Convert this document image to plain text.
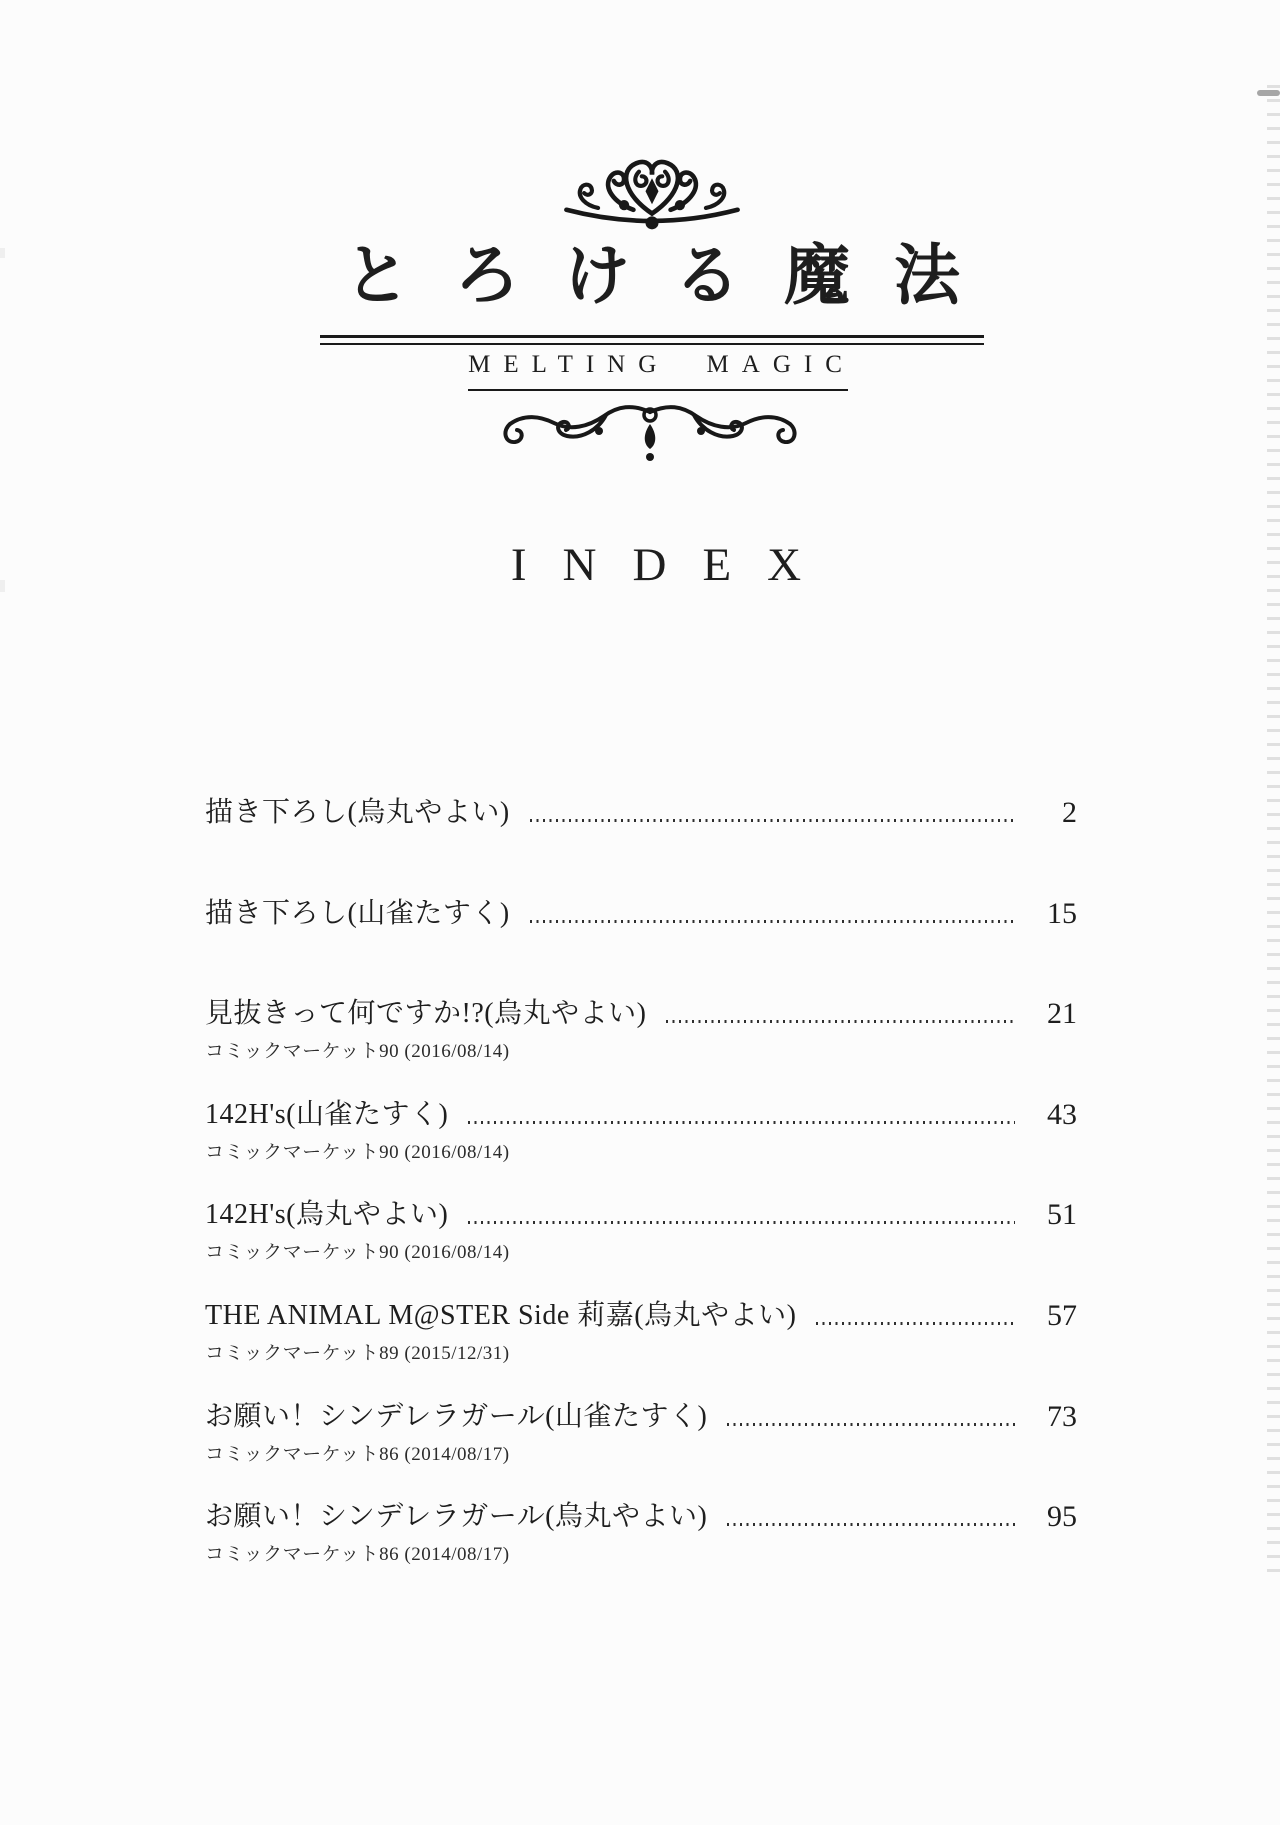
とろける魔法
MELTING MAGIC
INDEX
描き下ろし(烏丸やよい)	2
描き下ろし(山雀たすく)	15
見抜きって何ですか!?(烏丸やよい)	21
コミックマーケット90 (2016/08/14)
142H's(山雀たすく)	43
コミックマーケット90 (2016/08/14)
142H's(烏丸やよい)	51
コミックマーケット90 (2016/08/14)
THE ANIMAL M@STER Side 莉嘉(烏丸やよい)	57
コミックマーケット89 (2015/12/31)
お願い！シンデレラガール(山雀たすく)	73
コミックマーケット86 (2014/08/17)
お願い！シンデレラガール(烏丸やよい)	95
コミックマーケット86 (2014/08/17)
